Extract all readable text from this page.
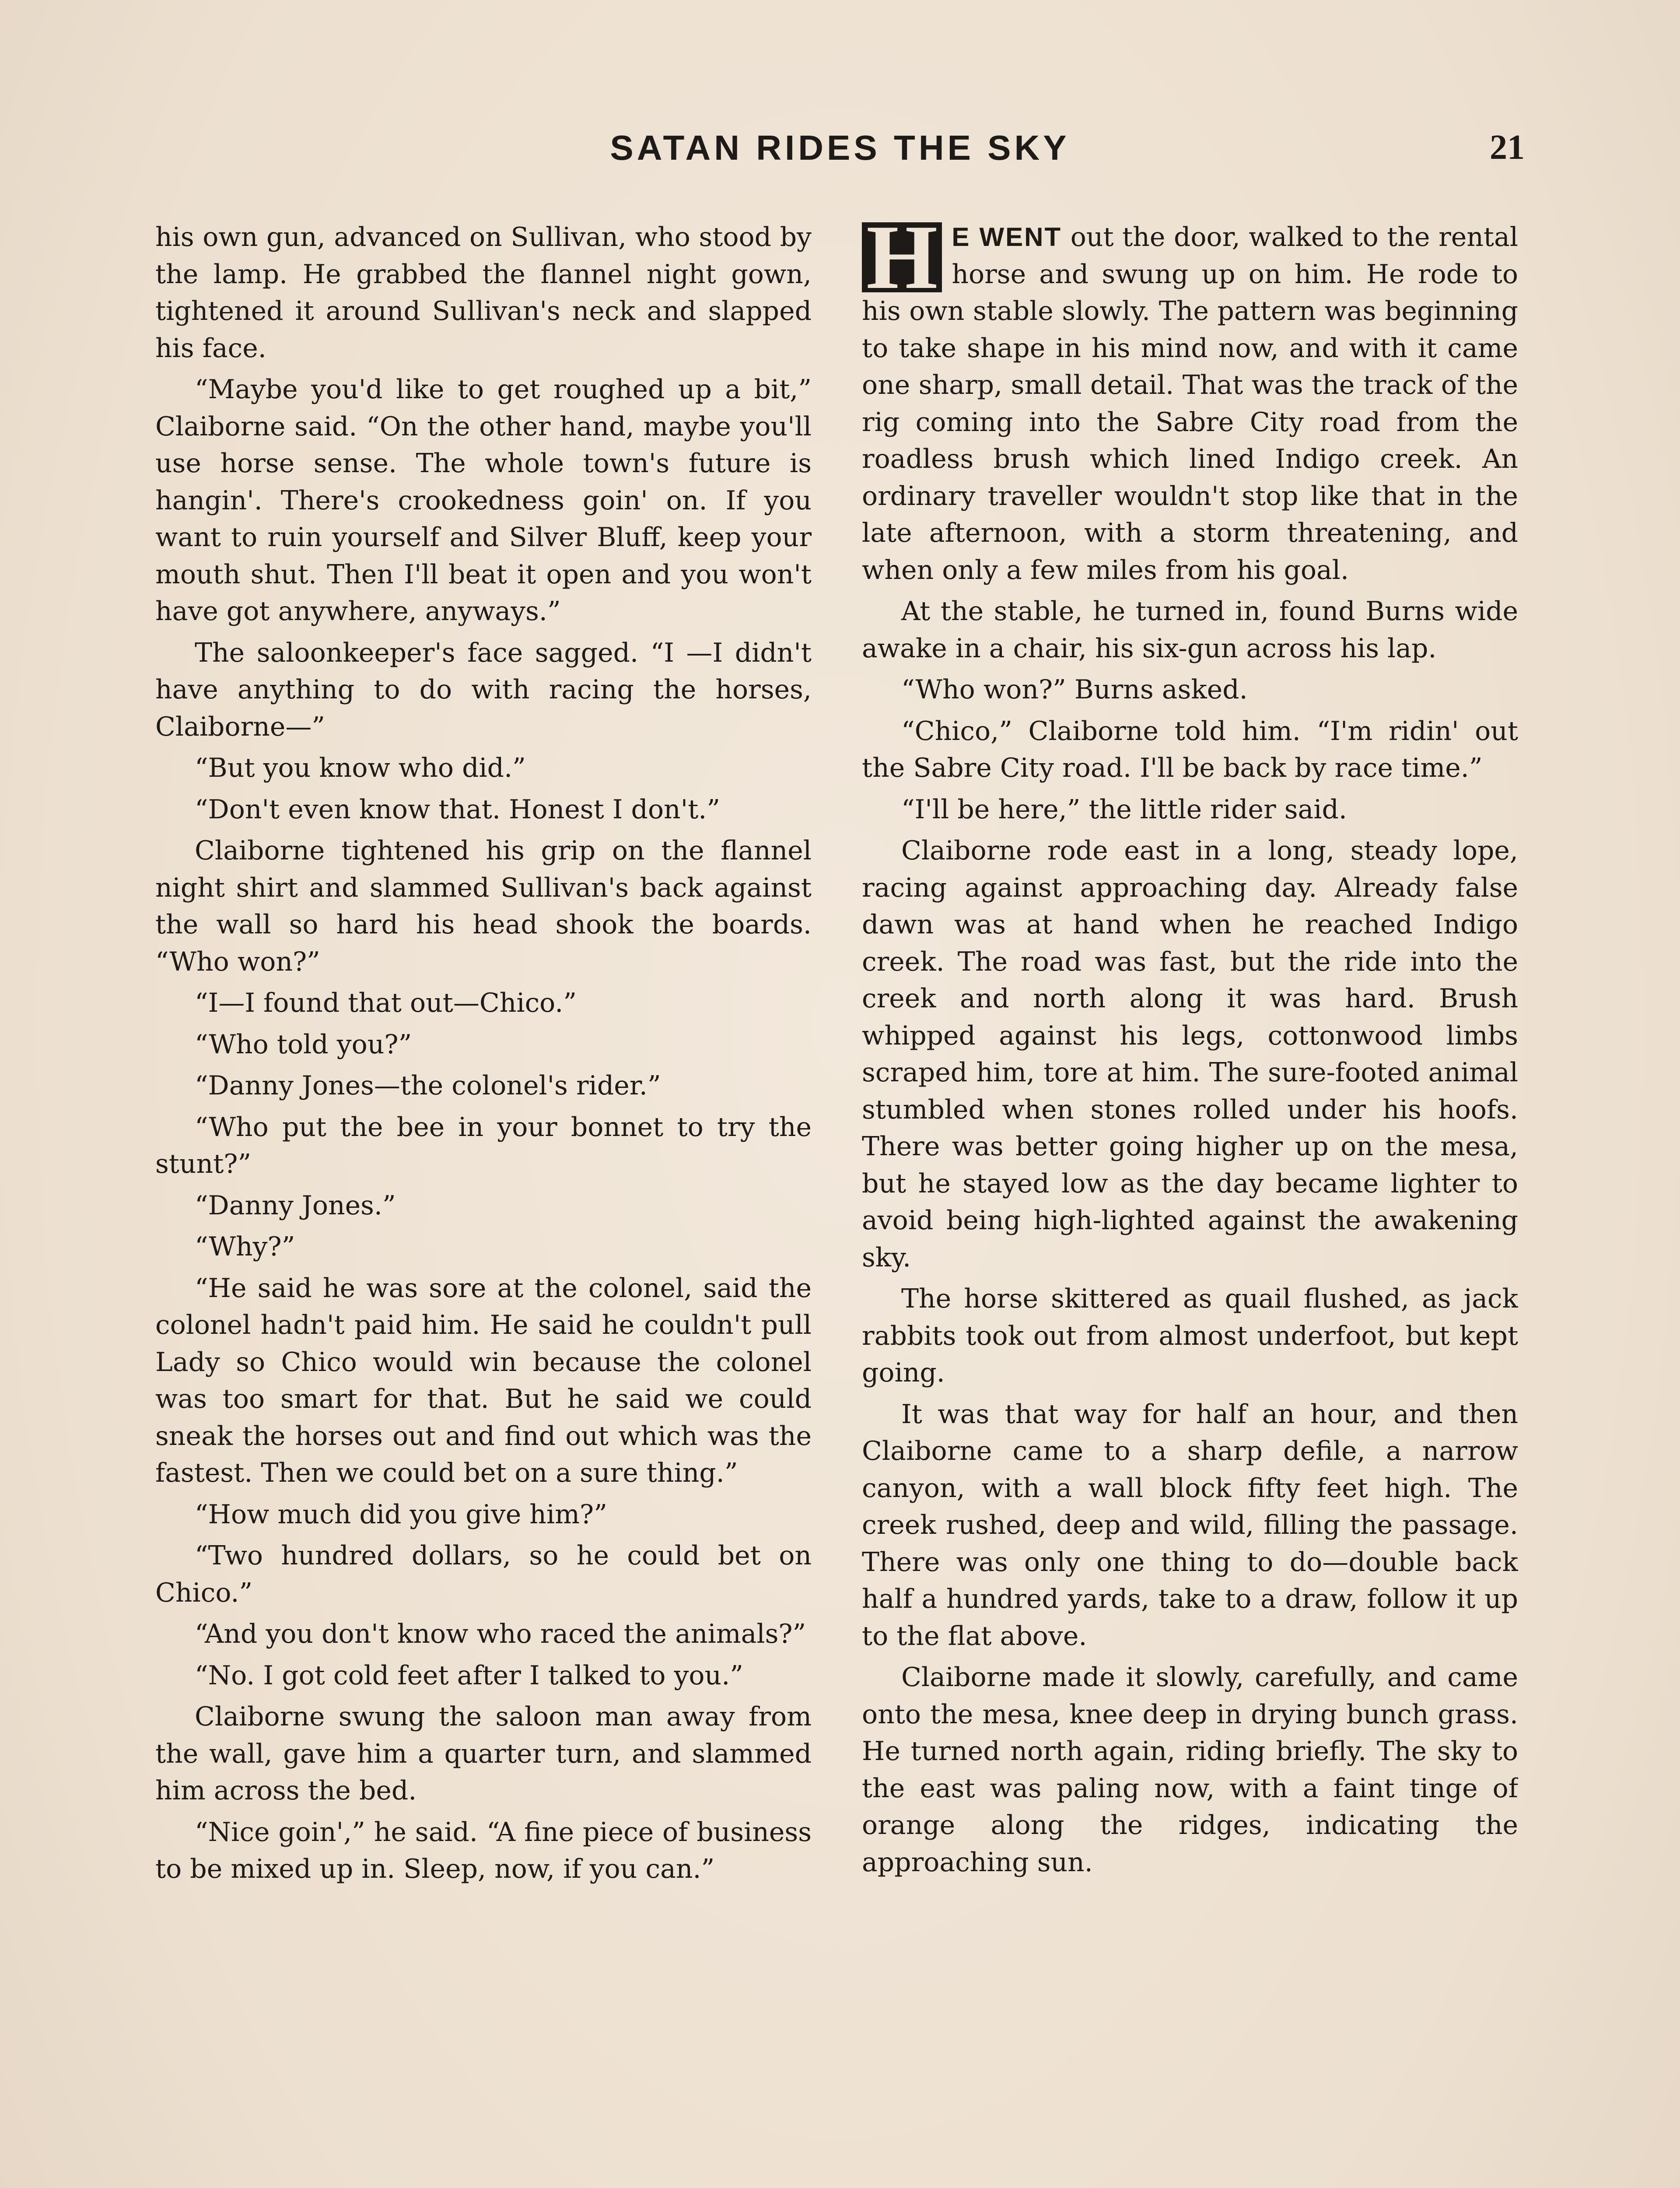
SATAN RIDES THE SKY	21

his own gun, advanced on Sullivan, who stood by the lamp. He grabbed the flannel night gown, tightened it around Sullivan's neck and slapped his face.

“Maybe you'd like to get roughed up a bit,” Claiborne said. “On the other hand, maybe you'll use horse sense. The whole town's future is hangin'. There's crookedness goin' on. If you want to ruin yourself and Silver Bluff, keep your mouth shut. Then I'll beat it open and you won't have got anywhere, anyways.”

The saloonkeeper's face sagged. “I —I didn't have anything to do with racing the horses, Claiborne—”

“But you know who did.”

“Don't even know that. Honest I don't.”

Claiborne tightened his grip on the flannel night shirt and slammed Sullivan's back against the wall so hard his head shook the boards. “Who won?”

“I—I found that out—Chico.”

“Who told you?”

“Danny Jones—the colonel's rider.”

“Who put the bee in your bonnet to try the stunt?”

“Danny Jones.”

“Why?”

“He said he was sore at the colonel, said the colonel hadn't paid him. He said he couldn't pull Lady so Chico would win because the colonel was too smart for that. But he said we could sneak the horses out and find out which was the fastest. Then we could bet on a sure thing.”

“How much did you give him?”

“Two hundred dollars, so he could bet on Chico.”

“And you don't know who raced the animals?”

“No. I got cold feet after I talked to you.”

Claiborne swung the saloon man away from the wall, gave him a quarter turn, and slammed him across the bed.

“Nice goin',” he said. “A fine piece of business to be mixed up in. Sleep, now, if you can.”

H E WENT out the door, walked to the rental horse and swung up on him. He rode to his own stable slowly. The pattern was beginning to take shape in his mind now, and with it came one sharp, small detail. That was the track of the rig coming into the Sabre City road from the roadless brush which lined Indigo creek. An ordinary traveller wouldn't stop like that in the late afternoon, with a storm threatening, and when only a few miles from his goal.

At the stable, he turned in, found Burns wide awake in a chair, his six-gun across his lap.

“Who won?” Burns asked.

“Chico,” Claiborne told him. “I'm ridin' out the Sabre City road. I'll be back by race time.”

“I'll be here,” the little rider said.

Claiborne rode east in a long, steady lope, racing against approaching day. Already false dawn was at hand when he reached Indigo creek. The road was fast, but the ride into the creek and north along it was hard. Brush whipped against his legs, cottonwood limbs scraped him, tore at him. The sure-footed animal stumbled when stones rolled under his hoofs. There was better going higher up on the mesa, but he stayed low as the day became lighter to avoid being high-lighted against the awakening sky.

The horse skittered as quail flushed, as jack rabbits took out from almost underfoot, but kept going.

It was that way for half an hour, and then Claiborne came to a sharp defile, a narrow canyon, with a wall block fifty feet high. The creek rushed, deep and wild, filling the passage. There was only one thing to do—double back half a hundred yards, take to a draw, follow it up to the flat above.

Claiborne made it slowly, carefully, and came onto the mesa, knee deep in drying bunch grass. He turned north again, riding briefly. The sky to the east was paling now, with a faint tinge of orange along the ridges, indicating the approaching sun.
